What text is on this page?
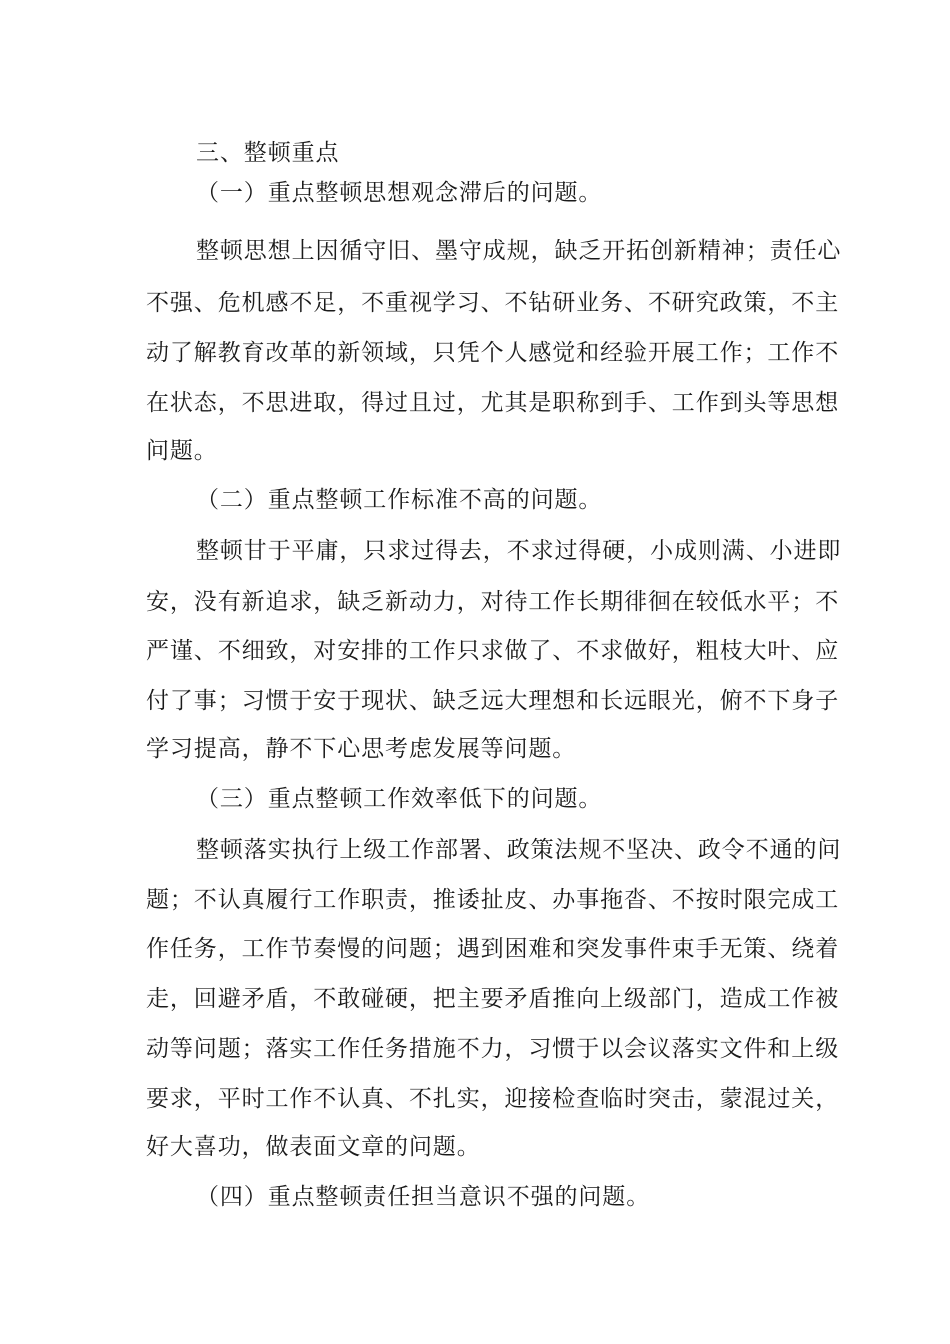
三、整顿重点

（一）重点整顿思想观念滞后的问题。

整顿思想上因循守旧、墨守成规，缺乏开拓创新精神；责任心

不强、危机感不足，不重视学习、不钻研业务、不研究政策，不主

动了解教育改革的新领域，只凭个人感觉和经验开展工作；工作不

在状态，不思进取，得过且过，尤其是职称到手、工作到头等思想

问题。

（二）重点整顿工作标准不高的问题。

整顿甘于平庸，只求过得去，不求过得硬，小成则满、小进即

安，没有新追求，缺乏新动力，对待工作长期徘徊在较低水平；不

严谨、不细致，对安排的工作只求做了、不求做好，粗枝大叶、应

付了事；习惯于安于现状、缺乏远大理想和长远眼光，俯不下身子

学习提高，静不下心思考虑发展等问题。

（三）重点整顿工作效率低下的问题。

整顿落实执行上级工作部署、政策法规不坚决、政令不通的问

题；不认真履行工作职责，推诿扯皮、办事拖沓、不按时限完成工

作任务，工作节奏慢的问题；遇到困难和突发事件束手无策、绕着

走，回避矛盾，不敢碰硬，把主要矛盾推向上级部门，造成工作被

动等问题；落实工作任务措施不力，习惯于以会议落实文件和上级

要求，平时工作不认真、不扎实，迎接检查临时突击，蒙混过关，

好大喜功，做表面文章的问题。

（四）重点整顿责任担当意识不强的问题。
